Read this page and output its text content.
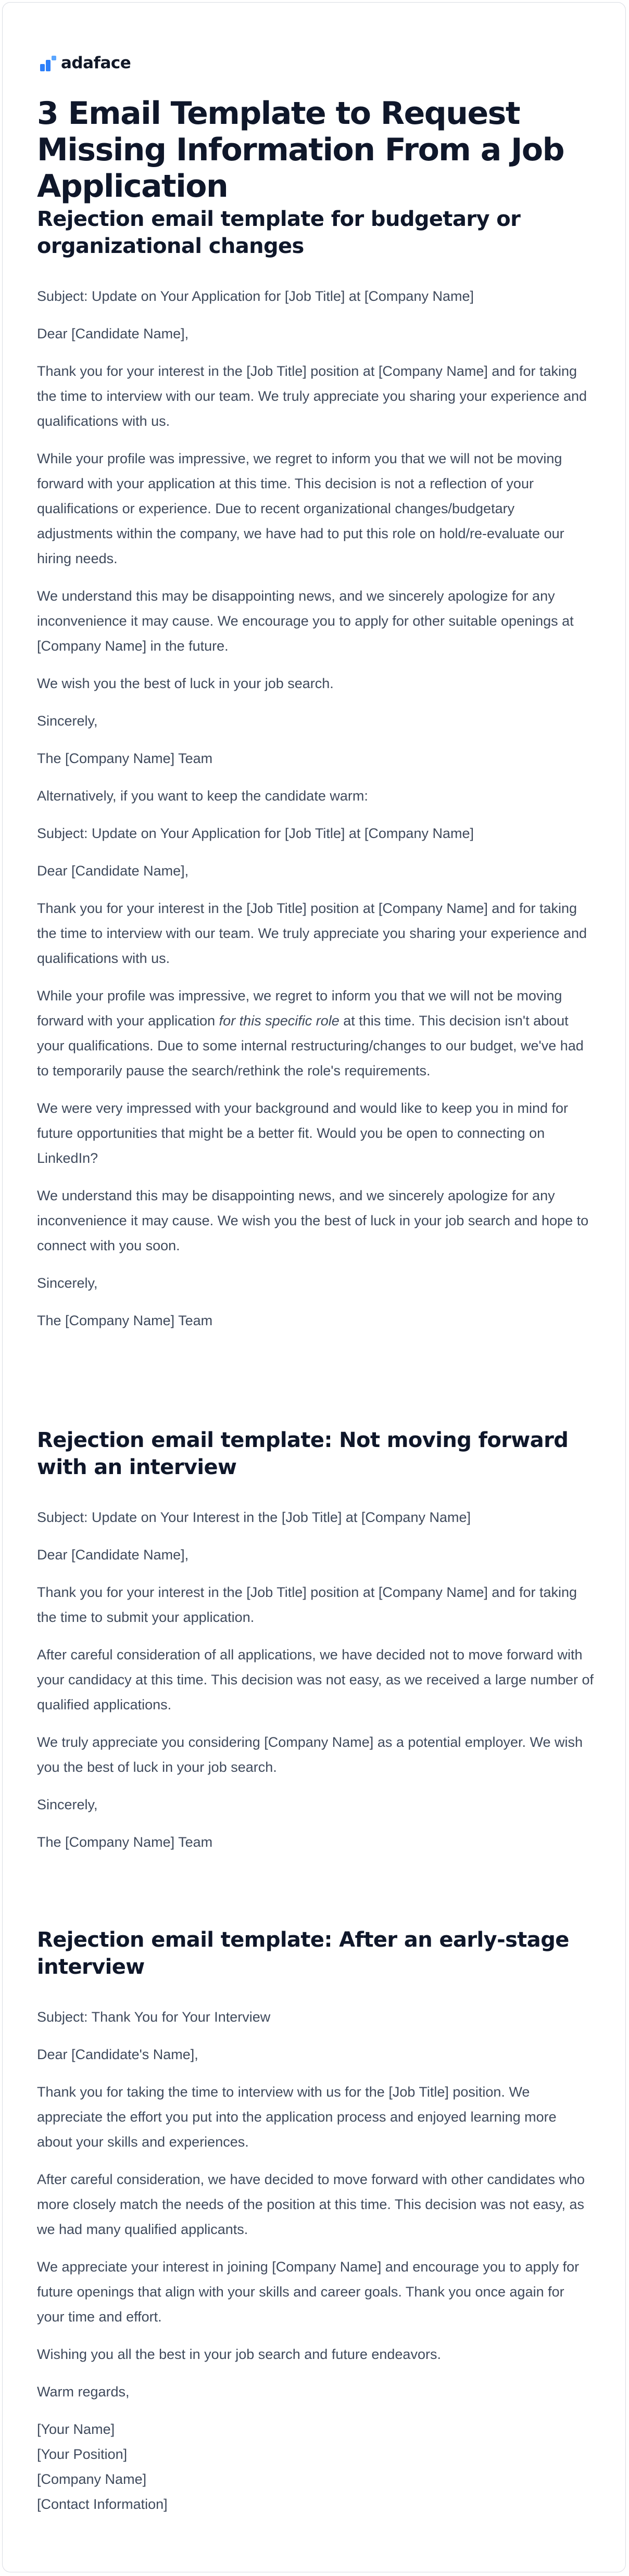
adaface
3 Email Template to Request Missing Information From a Job Application
Rejection email template for budgetary or organizational changes

Subject: Update on Your Application for [Job Title] at [Company Name]

Dear [Candidate Name],

Thank you for your interest in the [Job Title] position at [Company Name] and for taking the time to interview with our team. We truly appreciate you sharing your experience and qualifications with us.

While your profile was impressive, we regret to inform you that we will not be moving forward with your application at this time. This decision is not a reflection of your qualifications or experience. Due to recent organizational changes/budgetary adjustments within the company, we have had to put this role on hold/re-evaluate our hiring needs.

We understand this may be disappointing news, and we sincerely apologize for any inconvenience it may cause. We encourage you to apply for other suitable openings at [Company Name] in the future.

We wish you the best of luck in your job search.

Sincerely,

The [Company Name] Team

Alternatively, if you want to keep the candidate warm:

Subject: Update on Your Application for [Job Title] at [Company Name]

Dear [Candidate Name],

Thank you for your interest in the [Job Title] position at [Company Name] and for taking the time to interview with our team. We truly appreciate you sharing your experience and qualifications with us.

While your profile was impressive, we regret to inform you that we will not be moving forward with your application for this specific role at this time. This decision isn't about your qualifications. Due to some internal restructuring/changes to our budget, we've had to temporarily pause the search/rethink the role's requirements.

We were very impressed with your background and would like to keep you in mind for future opportunities that might be a better fit. Would you be open to connecting on LinkedIn?

We understand this may be disappointing news, and we sincerely apologize for any inconvenience it may cause. We wish you the best of luck in your job search and hope to connect with you soon.

Sincerely,

The [Company Name] Team

Rejection email template: Not moving forward with an interview

Subject: Update on Your Interest in the [Job Title] at [Company Name]

Dear [Candidate Name],

Thank you for your interest in the [Job Title] position at [Company Name] and for taking the time to submit your application.

After careful consideration of all applications, we have decided not to move forward with your candidacy at this time. This decision was not easy, as we received a large number of qualified applications.

We truly appreciate you considering [Company Name] as a potential employer. We wish you the best of luck in your job search.

Sincerely,

The [Company Name] Team

Rejection email template: After an early-stage interview

Subject: Thank You for Your Interview

Dear [Candidate's Name],

Thank you for taking the time to interview with us for the [Job Title] position. We appreciate the effort you put into the application process and enjoyed learning more about your skills and experiences.

After careful consideration, we have decided to move forward with other candidates who more closely match the needs of the position at this time. This decision was not easy, as we had many qualified applicants.

We appreciate your interest in joining [Company Name] and encourage you to apply for future openings that align with your skills and career goals. Thank you once again for your time and effort.

Wishing you all the best in your job search and future endeavors.

Warm regards,

[Your Name]
[Your Position]
[Company Name]
[Contact Information]
